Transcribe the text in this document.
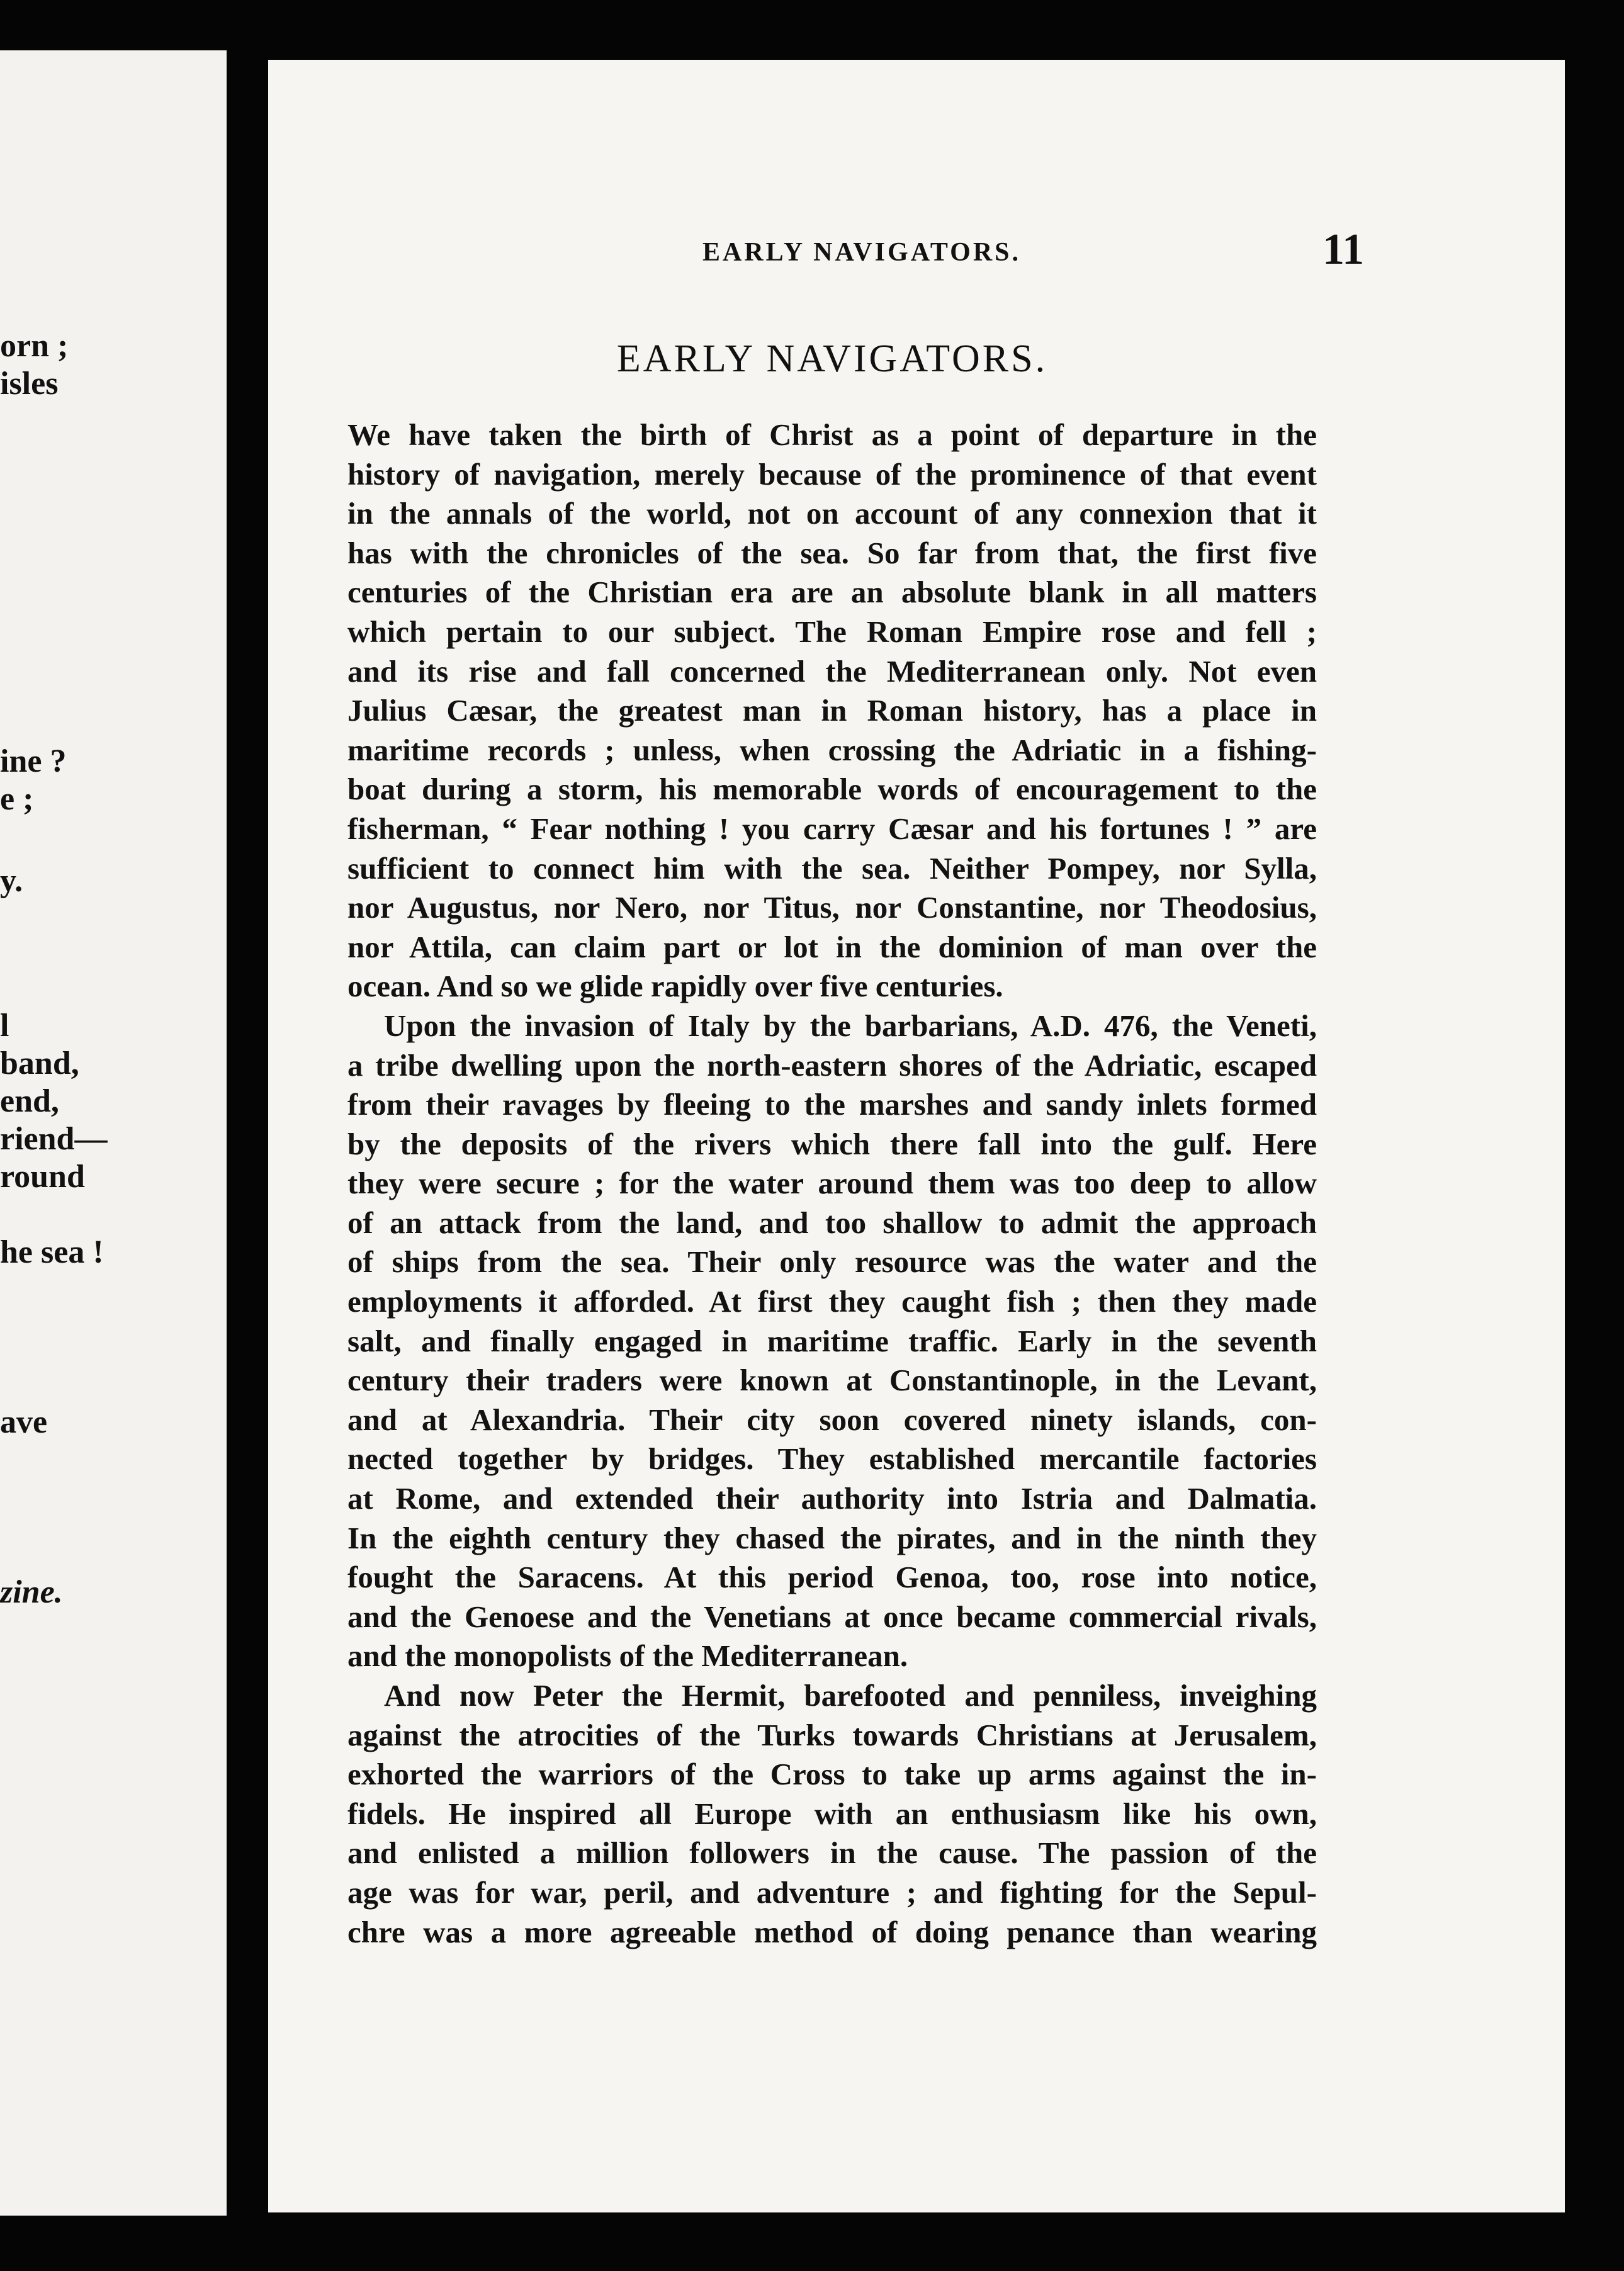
orn ;
isles
ine ?
e ;
y.
l
band,
end,
riend—
round
he sea !
ave
zine.
EARLY NAVIGATORS.	11
EARLY NAVIGATORS.
We have taken the birth of Christ as a point of departure in the
history of navigation, merely because of the prominence of that event
in the annals of the world, not on account of any connexion that it
has with the chronicles of the sea. So far from that, the first five
centuries of the Christian era are an absolute blank in all matters
which pertain to our subject. The Roman Empire rose and fell ;
and its rise and fall concerned the Mediterranean only. Not even
Julius Cæsar, the greatest man in Roman history, has a place in
maritime records ; unless, when crossing the Adriatic in a fishing-
boat during a storm, his memorable words of encouragement to the
fisherman, “ Fear nothing ! you carry Cæsar and his fortunes ! ” are
sufficient to connect him with the sea. Neither Pompey, nor Sylla,
nor Augustus, nor Nero, nor Titus, nor Constantine, nor Theodosius,
nor Attila, can claim part or lot in the dominion of man over the
ocean. And so we glide rapidly over five centuries.
Upon the invasion of Italy by the barbarians, A.D. 476, the Veneti,
a tribe dwelling upon the north-eastern shores of the Adriatic, escaped
from their ravages by fleeing to the marshes and sandy inlets formed
by the deposits of the rivers which there fall into the gulf. Here
they were secure ; for the water around them was too deep to allow
of an attack from the land, and too shallow to admit the approach
of ships from the sea. Their only resource was the water and the
employments it afforded. At first they caught fish ; then they made
salt, and finally engaged in maritime traffic. Early in the seventh
century their traders were known at Constantinople, in the Levant,
and at Alexandria. Their city soon covered ninety islands, con-
nected together by bridges. They established mercantile factories
at Rome, and extended their authority into Istria and Dalmatia.
In the eighth century they chased the pirates, and in the ninth they
fought the Saracens. At this period Genoa, too, rose into notice,
and the Genoese and the Venetians at once became commercial rivals,
and the monopolists of the Mediterranean.
And now Peter the Hermit, barefooted and penniless, inveighing
against the atrocities of the Turks towards Christians at Jerusalem,
exhorted the warriors of the Cross to take up arms against the in-
fidels. He inspired all Europe with an enthusiasm like his own,
and enlisted a million followers in the cause. The passion of the
age was for war, peril, and adventure ; and fighting for the Sepul-
chre was a more agreeable method of doing penance than wearing
